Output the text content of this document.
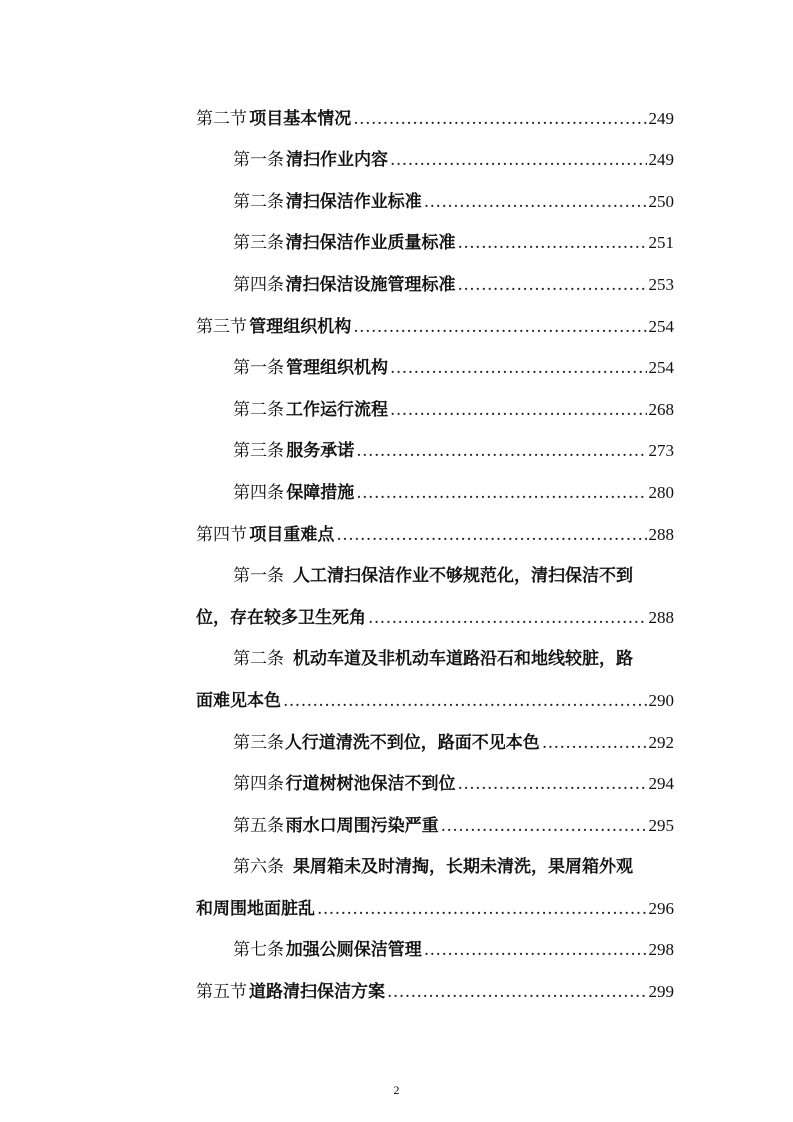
第二节 项目基本情况 .....	249
第一条 清扫作业内容 .....	249
第二条 清扫保洁作业标准 .....	250
第三条 清扫保洁作业质量标准 .....	251
第四条 清扫保洁设施管理标准 .....	253
第三节 管理组织机构 .....	254
第一条 管理组织机构 .....	254
第二条 工作运行流程 .....	268
第三条 服务承诺 .....	273
第四条 保障措施 .....	280
第四节 项目重难点 .....	288
第一条 人工清扫保洁作业不够规范化，清扫保洁不到
位，存在较多卫生死角 .....	288
第二条 机动车道及非机动车道路沿石和地线较脏，路
面难见本色 .....	290
第三条 人行道清洗不到位，路面不见本色 .....	292
第四条 行道树树池保洁不到位 .....	294
第五条 雨水口周围污染严重 .....	295
第六条 果屑箱未及时清掏，长期未清洗，果屑箱外观
和周围地面脏乱 .....	296
第七条 加强公厕保洁管理 .....	298
第五节 道路清扫保洁方案 .....	299
2
